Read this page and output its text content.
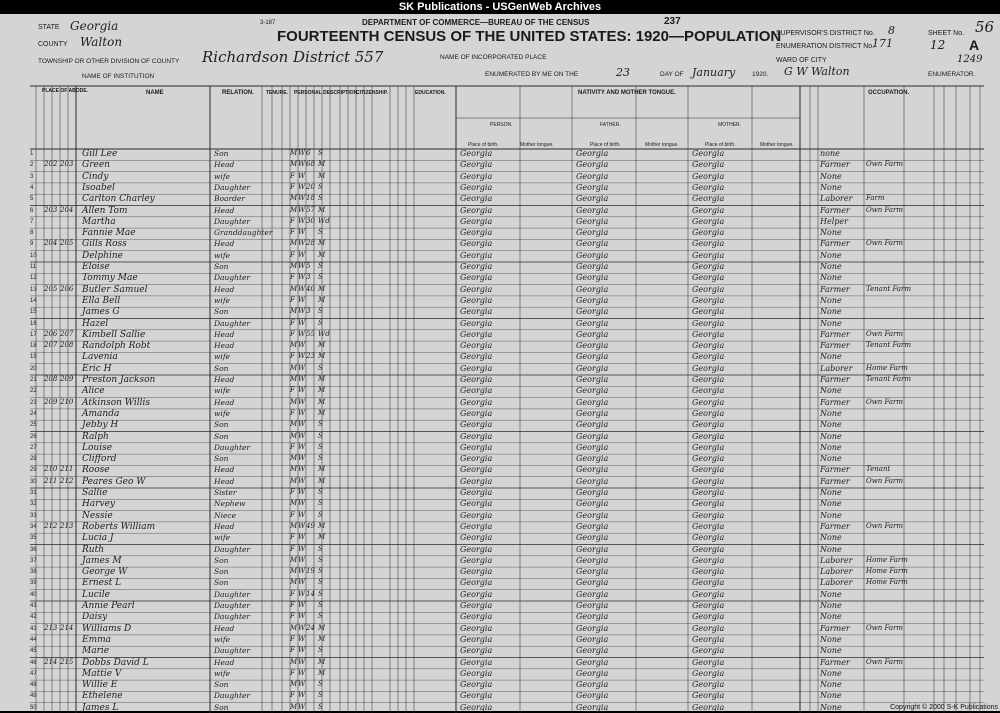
SK Publications - USGenWeb Archives
STATE Georgia
COUNTY Walton
3-187	DEPARTMENT OF COMMERCE—BUREAU OF THE CENSUS	237
FOURTEENTH CENSUS OF THE UNITED STATES: 1920—POPULATION
TOWNSHIP OR OTHER DIVISION OF COUNTY Richardson District 557	NAME OF INCORPORATED PLACE
NAME OF INSTITUTION	ENUMERATED BY ME ON THE	23	DAY OF January	1920. G W Walton	ENUMERATOR.
SUPERVISOR'S DISTRICT No. 8
ENUMERATION DISTRICT No.
171
SHEET No.
12 A
WARD OF CITY
56
1249
PLACE OF ABODE.	NAME	RELATION. TENURE. PERSONAL DESCRIPTION.
CITIZENSHIP.	EDUCATION.	NATIVITY AND MOTHER TONGUE.
PERSON.	FATHER.	MOTHER.
Place of birth.	Mother tongue.	Place of birth.	Mother tongue.	Place of birth.	Mother tongue.
OCCUPATION.
1	Gill Lee	Son	M W 6 S	Georgia	Georgia	Georgia	none
2 202 203 Green	Head	M W 68 M	Georgia	Georgia	Georgia	Farmer Own Farm
3	Cindy	wife	F W M	Georgia	Georgia	Georgia	None
4	Isoabel	Daughter	F W 20 S	Georgia	Georgia	Georgia	None
5	Carlton Charley	Boarder	M W 18 S	Georgia	Georgia	Georgia	Laborer Farm
6 203 204 Allen Tom	Head	M W 57 M	Georgia	Georgia	Georgia	Farmer Own Farm
7	Martha	Daughter	F W 30 Wd	Georgia	Georgia	Georgia	Helper
8	Fannie Mae	Granddaughter	F W S	Georgia	Georgia	Georgia	None
9 204 205 Gills Ross	Head	M W 28 M	Georgia	Georgia	Georgia	Farmer Own Farm
10	Delphine	wife	F W M	Georgia	Georgia	Georgia	None
11	Eloise	Son	M W 5 S	Georgia	Georgia	Georgia	None
12	Tommy Mae	Daughter	F W 3 S	Georgia	Georgia	Georgia	None
13 205 206 Butler Samuel	Head	M W 40 M	Georgia	Georgia	Georgia	Farmer Tenant Farm
14	Ella Bell	wife	F W M	Georgia	Georgia	Georgia	None
15	James G	Son	M W 3 S	Georgia	Georgia	Georgia	None
16	Hazel	Daughter	F W S	Georgia	Georgia	Georgia	None
17 206 207 Kimbell Sallie	Head	F W 55 Wd	Georgia	Georgia	Georgia	Farmer Own Farm
18 207 208 Randolph Robt	Head	M W M	Georgia	Georgia	Georgia	Farmer Tenant Farm
19	Lavenia	wife	F W 23 M	Georgia	Georgia	Georgia	None
20	Eric H	Son	M W S	Georgia	Georgia	Georgia	Laborer Home Farm
21 208 209 Preston Jackson	Head	M W M	Georgia	Georgia	Georgia	Farmer Tenant Farm
22	Alice	wife	F W M	Georgia	Georgia	Georgia	None
23 209 210 Atkinson Willis	Head	M W M	Georgia	Georgia	Georgia	Farmer Own Farm
24	Amanda	wife	F W M	Georgia	Georgia	Georgia	None
25	Jebby H	Son	M W S	Georgia	Georgia	Georgia	None
26	Ralph	Son	M W S	Georgia	Georgia	Georgia	None
27	Louise	Daughter	F W S	Georgia	Georgia	Georgia	None
28	Clifford	Son	M W S	Georgia	Georgia	Georgia	None
29 210 211 Roose	Head	M W M	Georgia	Georgia	Georgia	Farmer Tenant
30 211 212 Peares Geo W	Head	M W M	Georgia	Georgia	Georgia	Farmer Own Farm
31	Sallie	Sister	F W S	Georgia	Georgia	Georgia	None
32	Harvey	Nephew	M W S	Georgia	Georgia	Georgia	None
33	Nessie	Niece	F W S	Georgia	Georgia	Georgia	None
34 212 213 Roberts William	Head	M W 49 M	Georgia	Georgia	Georgia	Farmer Own Farm
35	Lucia J	wife	F W M	Georgia	Georgia	Georgia	None
36	Ruth	Daughter	F W S	Georgia	Georgia	Georgia	None
37	James M	Son	M W S	Georgia	Georgia	Georgia	Laborer Home Farm
38	George W	Son	M W 19 S	Georgia	Georgia	Georgia	Laborer Home Farm
39	Ernest L	Son	M W S	Georgia	Georgia	Georgia	Laborer Home Farm
40	Lucile	Daughter	F W 14 S	Georgia	Georgia	Georgia	None
41	Annie Pearl	Daughter	F W S	Georgia	Georgia	Georgia	None
42	Daisy	Daughter	F W S	Georgia	Georgia	Georgia	None
43 213 214 Williams D	Head	M W 24 M	Georgia	Georgia	Georgia	Farmer Own Farm
44	Emma	wife	F W M	Georgia	Georgia	Georgia	None
45	Marie	Daughter	F W S	Georgia	Georgia	Georgia	None
46 214 215 Dobbs David L	Head	M W M	Georgia	Georgia	Georgia	Farmer Own Farm
47	Mattie V	wife	F W M	Georgia	Georgia	Georgia	None
48	Willie E	Son	M W S	Georgia	Georgia	Georgia	None
49	Ethelene	Daughter	F W S	Georgia	Georgia	Georgia	None
50	James L	Son	M W S	Georgia	Georgia	Georgia	None	Copyright © 2000 S-K Publications
